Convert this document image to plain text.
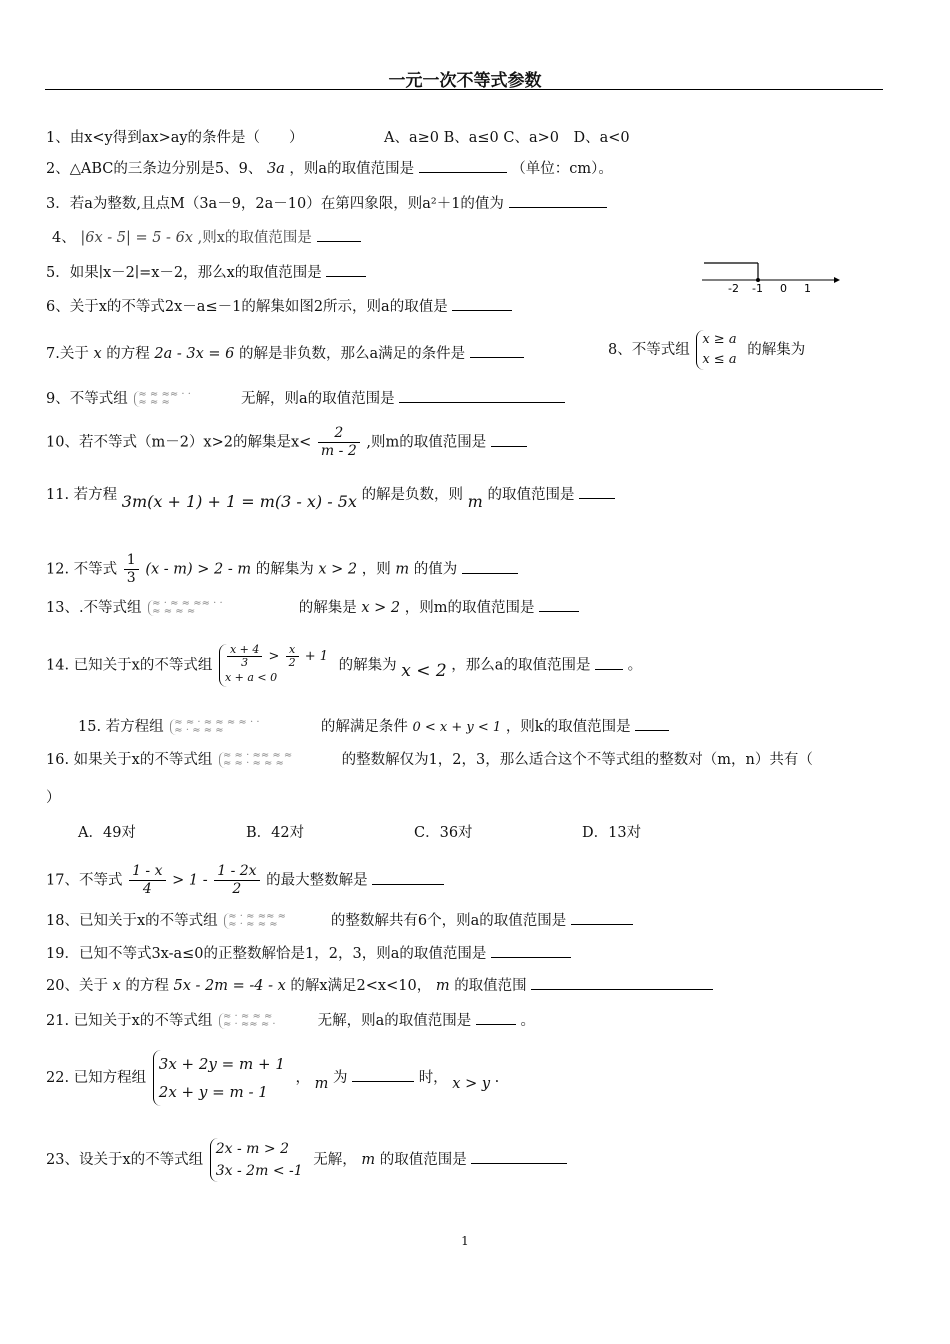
一元一次不等式参数
1、由x<y得到ax>ay的条件是（　　）	A、a≥0 B、a≤0 C、a>0　D、a<0
2、△ABC的三条边分别是5、9、 3a ，则a的取值范围是	（单位：cm）。
3．若a为整数,且点M（3a－9，2a－10）在第四象限，则a²＋1的值为
4、 |6x - 5| = 5 - 6x ,则x的取值范围是
5．如果∣x－2∣=x－2，那么x的取值范围是
-2 -1 0 1
6、关于x的不等式2x－a≤－1的解集如图2所示，则a的取值是
7.关于 x 的方程 2a - 3x = 6 的解是非负数，那么a满足的条件是	8、不等式组
x ≥ a
x ≤ a
的解集为
9、不等式组 ≈ ≈ ≈≈ · ·
≈ ≈ ≈	无解，则a的取值范围是
10、若不等式（m－2）x>2的解集是$x< \frac{2}{m - 2}$ ,则m的取值范围是
11. 若方程 3m(x + 1) + 1 = m(3 - x) - 5x 的解是负数，则 m 的取值范围是
12. 不等式 $\frac{1}{3} (x - m) > 2 - m$ 的解集为 x > 2 ，则 m 的值为
13、.不等式组 ≈ · ≈ ≈ ≈≈ · ·
≈ ≈ ≈ ≈	的解集是 x > 2 ，则m的取值范围是
14. 已知关于x的不等式组 $\frac{x + 4}{3} > \frac{x}{2} + 1$
x + a < 0
的解集为 x < 2 ，那么a的取值范围是	。
15. 若方程组 ≈ ≈ · ≈ ≈ ≈ ≈ · ·
≈ · ≈ ≈ ≈	的解满足条件 0 < x + y < 1 ，则k的取值范围是
16. 如果关于x的不等式组 ≈ ≈ · ≈≈ ≈ ≈
≈ ≈ · ≈ ≈ ≈	的整数解仅为1，2，3，那么适合这个不等式组的整数对（m，n）共有（
）
A．49对	B．42对	C．36对	D．13对
17、不等式 $\frac{1 - x}{4} > 1 - \frac{1 - 2x}{2}$ 的最大整数解是
18、已知关于x的不等式组 ≈ · ≈ ≈≈ ≈
≈ · ≈ ≈ ≈	的整数解共有6个，则a的取值范围是
19．已知不等式3x-a≤0的正整数解恰是1，2，3，则a的取值范围是
20、关于 x 的方程 5x - 2m = -4 - x 的解x满足2<x<10， m 的取值范围
21. 已知关于x的不等式组 ≈ · ≈ ≈ ≈
≈ · ≈≈ ≈ ·	无解，则a的取值范围是	。
22. 已知方程组
3x + 2y = m + 1
2x + y = m - 1
， m 为	时， x > y .
23、设关于x的不等式组
2x - m > 2
3x - 2m < -1
无解， m 的取值范围是
1
